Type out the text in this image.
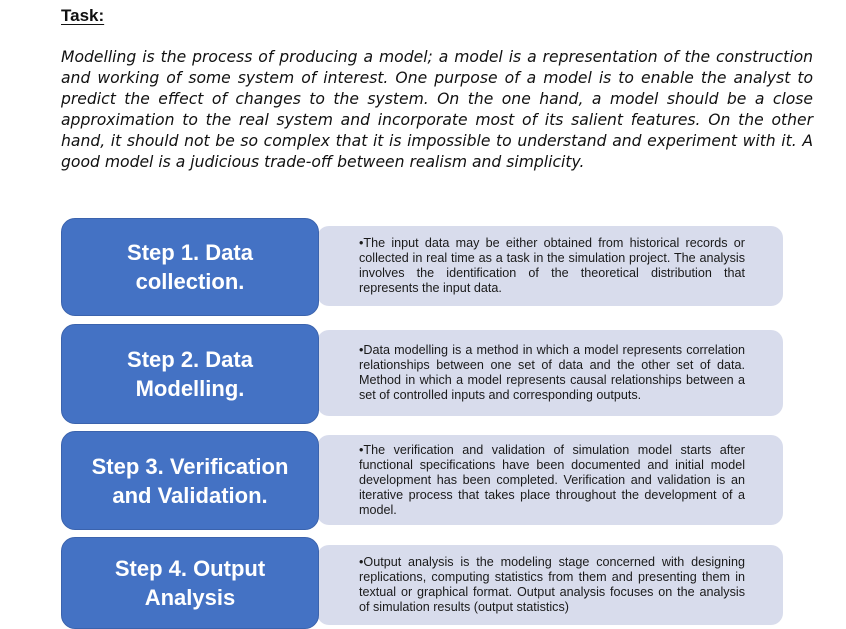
Task:

Modelling is the process of producing a model; a model is a representation of the construction and working of some system of interest. One purpose of a model is to enable the analyst to predict the effect of changes to the system. On the one hand, a model should be a close approximation to the real system and incorporate most of its salient features. On the other hand, it should not be so complex that it is impossible to understand and experiment with it. A good model is a judicious trade-off between realism and simplicity.

•The input data may be either obtained from historical records or collected in real time as a task in the simulation project. The analysis involves the identification of the theoretical distribution that represents the input data.

Step 1. Data
collection.

•Data modelling is a method in which a model represents correlation relationships between one set of data and the other set of data. Method in which a model represents causal relationships between a set of controlled inputs and corresponding outputs.

Step 2. Data
Modelling.

•The verification and validation of simulation model starts after functional specifications have been documented and initial model development has been completed. Verification and validation is an iterative process that takes place throughout the development of a model.

Step 3. Verification
and Validation.

•Output analysis is the modeling stage concerned with designing replications, computing statistics from them and presenting them in textual or graphical format. Output analysis focuses on the analysis of simulation results (output statistics)

Step 4. Output
Analysis
